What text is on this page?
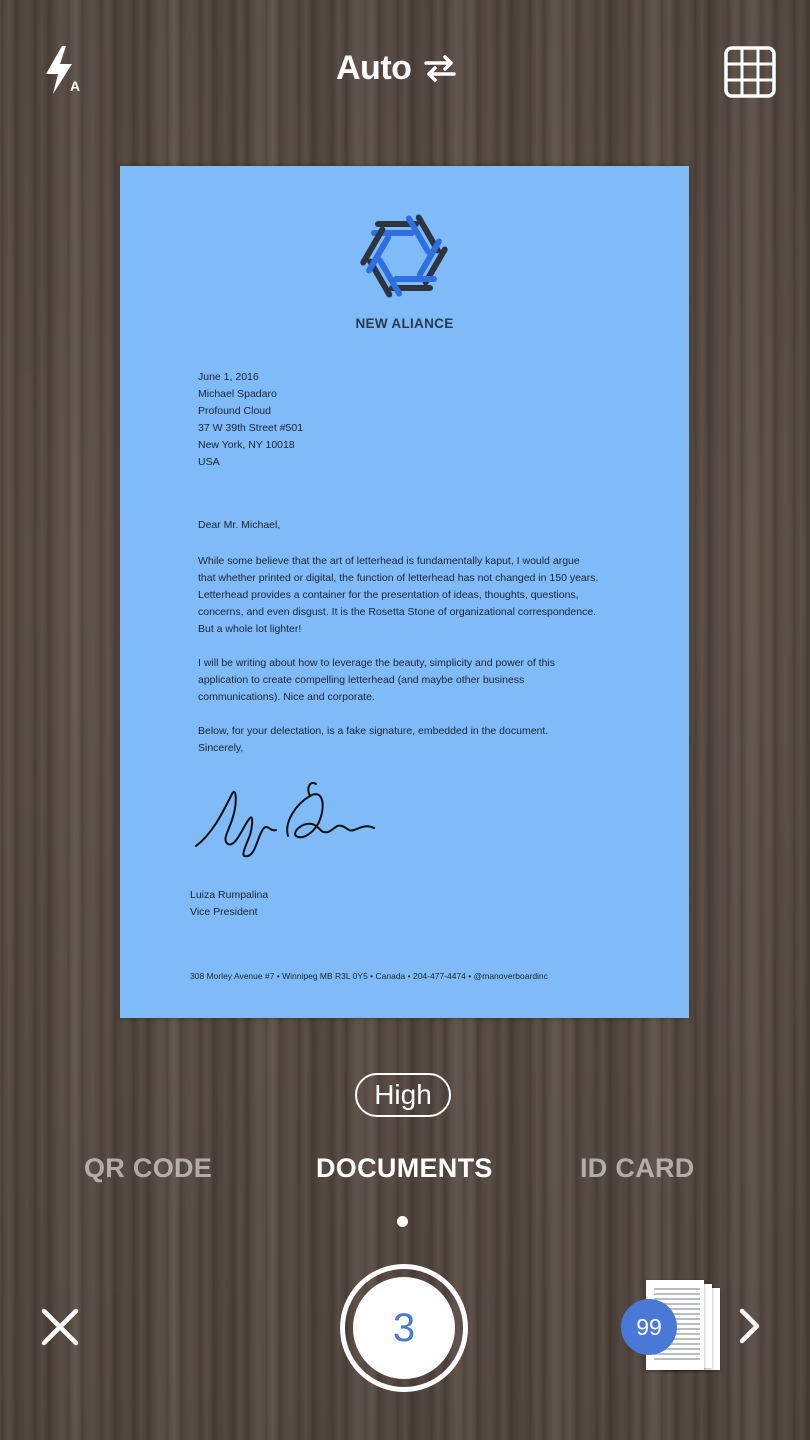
A	Auto
NEW ALIANCE
June 1, 2016
Michael Spadaro
Profound Cloud
37 W 39th Street #501
New York, NY 10018
USA
Dear Mr. Michael,
While some believe that the art of letterhead is fundamentally kaput, I would argue
that whether printed or digital, the function of letterhead has not changed in 150 years.
Letterhead provides a container for the presentation of ideas, thoughts, questions,
concerns, and even disgust. It is the Rosetta Stone of organizational correspondence.
But a whole lot lighter!
I will be writing about how to leverage the beauty, simplicity and power of this
application to create compelling letterhead (and maybe other business
communications). Nice and corporate.
Below, for your delectation, is a fake signature, embedded in the document.
Sincerely,
Luiza Rumpalina
Vice President
308 Morley Avenue #7 • Winnipeg MB R3L 0Y5 • Canada • 204-477-4474 • @manoverboardinc
High
QR CODE	DOCUMENTS	ID CARD
3	99
